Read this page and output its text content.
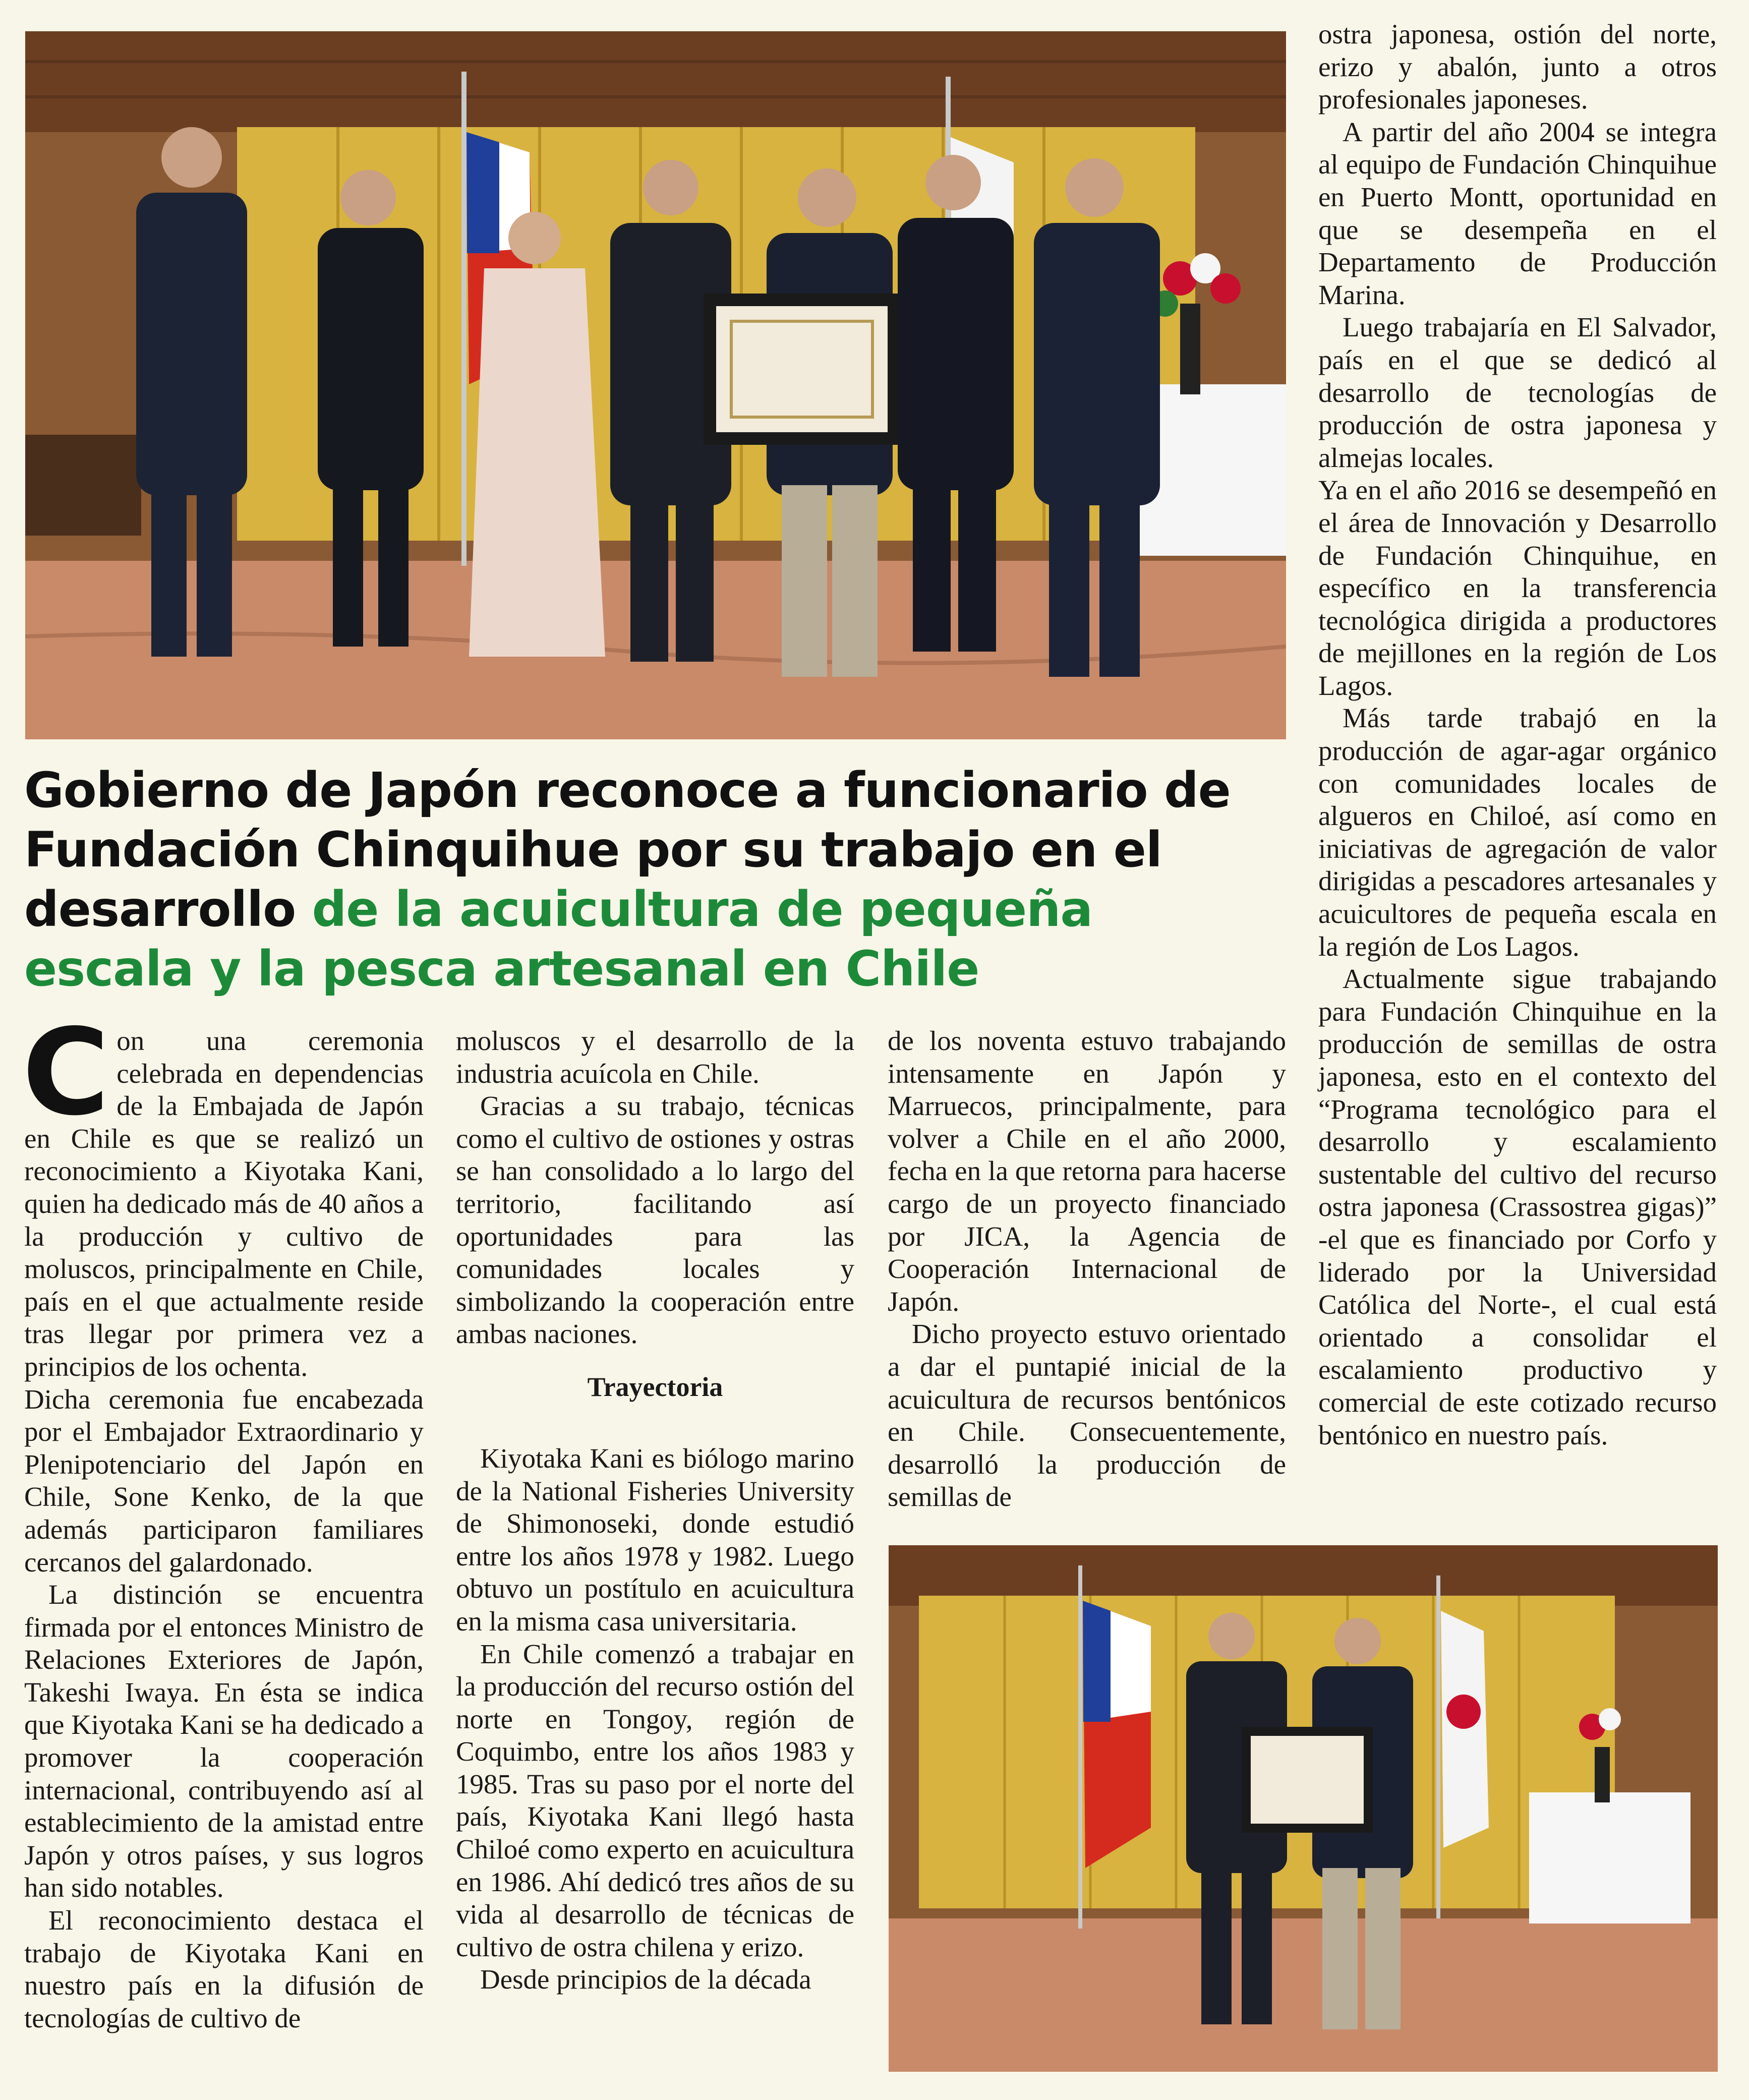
Gobierno de Japón reconoce a funcionario de Fundación Chinquihue por su trabajo en el desarrollo de la acuicultura de pequeña escala y la pesca artesanal en Chile
C on una ceremonia celebrada en dependencias de la Embajada de Japón en Chile es que se realizó un reconocimiento a Kiyotaka Kani, quien ha dedicado más de 40 años a la producción y cultivo de moluscos, principalmente en Chile, país en el que actualmente reside tras llegar por primera vez a principios de los ochenta.

Dicha ceremonia fue encabezada por el Embajador Extraordinario y Plenipotenciario del Japón en Chile, Sone Kenko, de la que además participaron familiares cercanos del galardonado.

La distinción se encuentra firmada por el entonces Ministro de Relaciones Exteriores de Japón, Takeshi Iwaya. En ésta se indica que Kiyotaka Kani se ha dedicado a promover la cooperación internacional, contribuyendo así al establecimiento de la amistad entre Japón y otros países, y sus logros han sido notables.

El reconocimiento destaca el trabajo de Kiyotaka Kani en nuestro país en la difusión de tecnologías de cultivo de

moluscos y el desarrollo de la industria acuícola en Chile.

Gracias a su trabajo, técnicas como el cultivo de ostiones y ostras se han consolidado a lo largo del territorio, facilitando así oportunidades para las comunidades locales y simbolizando la cooperación entre ambas naciones.

Trayectoria

Kiyotaka Kani es biólogo marino de la National Fisheries University de Shimonoseki, donde estudió entre los años 1978 y 1982. Luego obtuvo un postítulo en acuicultura en la misma casa universitaria.

En Chile comenzó a trabajar en la producción del recurso ostión del norte en Tongoy, región de Coquimbo, entre los años 1983 y 1985. Tras su paso por el norte del país, Kiyotaka Kani llegó hasta Chiloé como experto en acuicultura en 1986. Ahí dedicó tres años de su vida al desarrollo de técnicas de cultivo de ostra chilena y erizo.

Desde principios de la década

de los noventa estuvo trabajando intensamente en Japón y Marruecos, principalmente, para volver a Chile en el año 2000, fecha en la que retorna para hacerse cargo de un proyecto financiado por JICA, la Agencia de Cooperación Internacional de Japón.

Dicho proyecto estuvo orientado a dar el puntapié inicial de la acuicultura de recursos bentónicos en Chile. Consecuentemente, desarrolló la producción de semillas de

ostra japonesa, ostión del norte, erizo y abalón, junto a otros profesionales japoneses.

A partir del año 2004 se integra al equipo de Fundación Chinquihue en Puerto Montt, oportunidad en que se desempeña en el Departamento de Producción Marina.

Luego trabajaría en El Salvador, país en el que se dedicó al desarrollo de tecnologías de producción de ostra japonesa y almejas locales.

Ya en el año 2016 se desempeñó en el área de Innovación y Desarrollo de Fundación Chinquihue, en específico en la transferencia tecnológica dirigida a productores de mejillones en la región de Los Lagos.

Más tarde trabajó en la producción de agar-agar orgánico con comunidades locales de algueros en Chiloé, así como en iniciativas de agregación de valor dirigidas a pescadores artesanales y acuicultores de pequeña escala en la región de Los Lagos.

Actualmente sigue trabajando para Fundación Chinquihue en la producción de semillas de ostra japonesa, esto en el contexto del “Programa tecnológico para el desarrollo y escalamiento sustentable del cultivo del recurso ostra japonesa (Crassostrea gigas)” -el que es financiado por Corfo y liderado por la Universidad Católica del Norte-, el cual está orientado a consolidar el escalamiento productivo y comercial de este cotizado recurso bentónico en nuestro país.
